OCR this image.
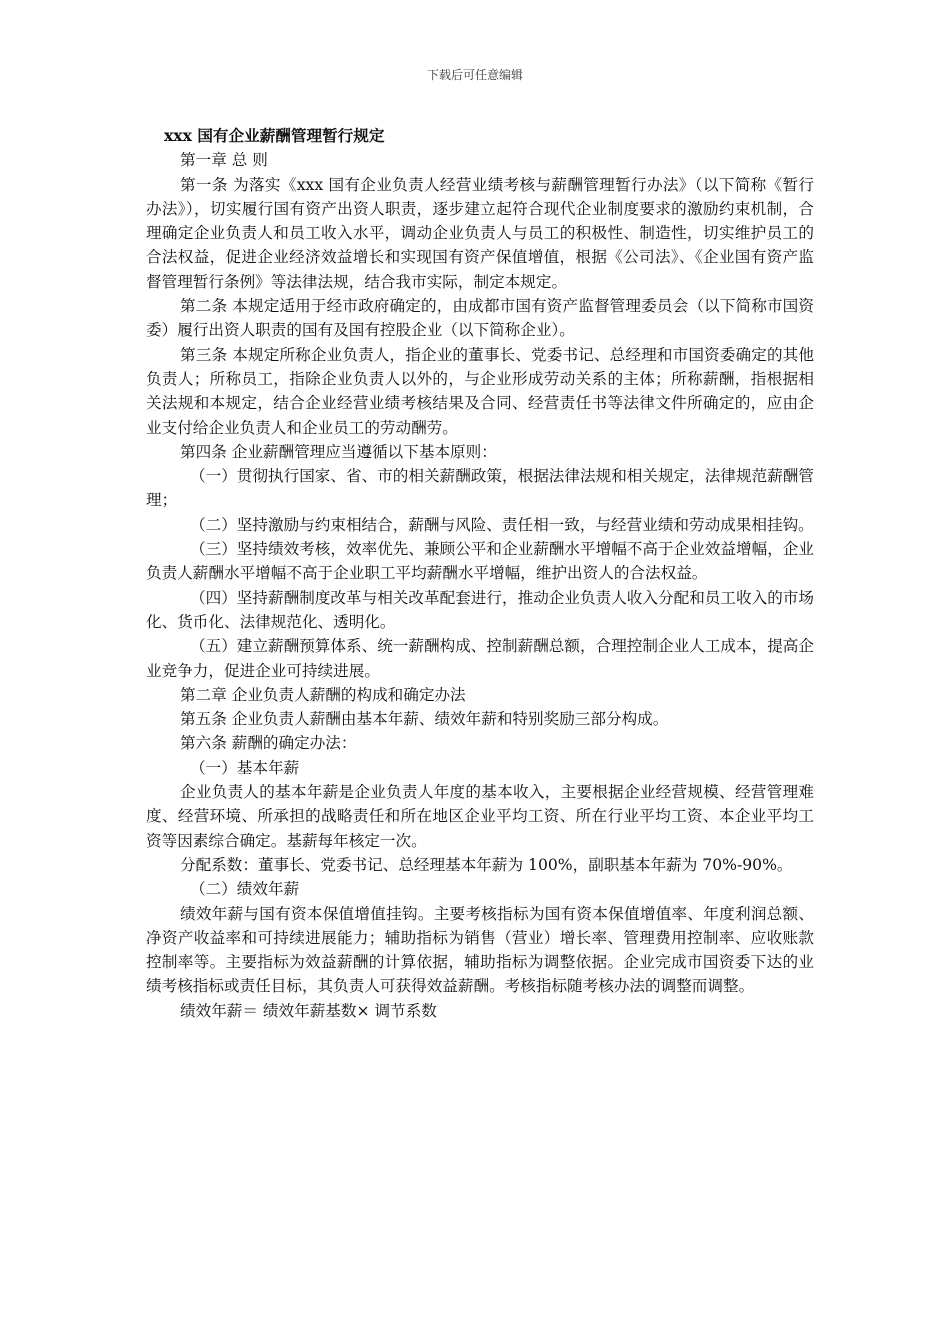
下载后可任意编辑

xxx 国有企业薪酬管理暂行规定

第一章 总 则

第一条 为落实《xxx 国有企业负责人经营业绩考核与薪酬管理暂行办法》（以下简称《暂行办法》），切实履行国有资产出资人职责，逐步建立起符合现代企业制度要求的激励约束机制，合理确定企业负责人和员工收入水平，调动企业负责人与员工的积极性、制造性，切实维护员工的合法权益，促进企业经济效益增长和实现国有资产保值增值，根据《公司法》、《企业国有资产监督管理暂行条例》等法律法规，结合我市实际，制定本规定。

第二条 本规定适用于经市政府确定的，由成都市国有资产监督管理委员会（以下简称市国资委）履行出资人职责的国有及国有控股企业（以下简称企业）。

第三条 本规定所称企业负责人，指企业的董事长、党委书记、总经理和市国资委确定的其他负责人；所称员工，指除企业负责人以外的，与企业形成劳动关系的主体；所称薪酬，指根据相关法规和本规定，结合企业经营业绩考核结果及合同、经营责任书等法律文件所确定的，应由企业支付给企业负责人和企业员工的劳动酬劳。

第四条 企业薪酬管理应当遵循以下基本原则：

（一）贯彻执行国家、省、市的相关薪酬政策，根据法律法规和相关规定，法律规范薪酬管理；

（二）坚持激励与约束相结合，薪酬与风险、责任相一致，与经营业绩和劳动成果相挂钩。

（三）坚持绩效考核，效率优先、兼顾公平和企业薪酬水平增幅不高于企业效益增幅，企业负责人薪酬水平增幅不高于企业职工平均薪酬水平增幅，维护出资人的合法权益。

（四）坚持薪酬制度改革与相关改革配套进行，推动企业负责人收入分配和员工收入的市场化、货币化、法律规范化、透明化。

（五）建立薪酬预算体系、统一薪酬构成、控制薪酬总额，合理控制企业人工成本，提高企业竞争力，促进企业可持续进展。

第二章 企业负责人薪酬的构成和确定办法

第五条 企业负责人薪酬由基本年薪、绩效年薪和特别奖励三部分构成。

第六条 薪酬的确定办法：

（一）基本年薪

企业负责人的基本年薪是企业负责人年度的基本收入，主要根据企业经营规模、经营管理难度、经营环境、所承担的战略责任和所在地区企业平均工资、所在行业平均工资、本企业平均工资等因素综合确定。基薪每年核定一次。

分配系数：董事长、党委书记、总经理基本年薪为 100%，副职基本年薪为 70%-90%。

（二）绩效年薪

绩效年薪与国有资本保值增值挂钩。主要考核指标为国有资本保值增值率、年度利润总额、净资产收益率和可持续进展能力；辅助指标为销售（营业）增长率、管理费用控制率、应收账款控制率等。主要指标为效益薪酬的计算依据，辅助指标为调整依据。企业完成市国资委下达的业绩考核指标或责任目标，其负责人可获得效益薪酬。考核指标随考核办法的调整而调整。

绩效年薪＝ 绩效年薪基数× 调节系数
